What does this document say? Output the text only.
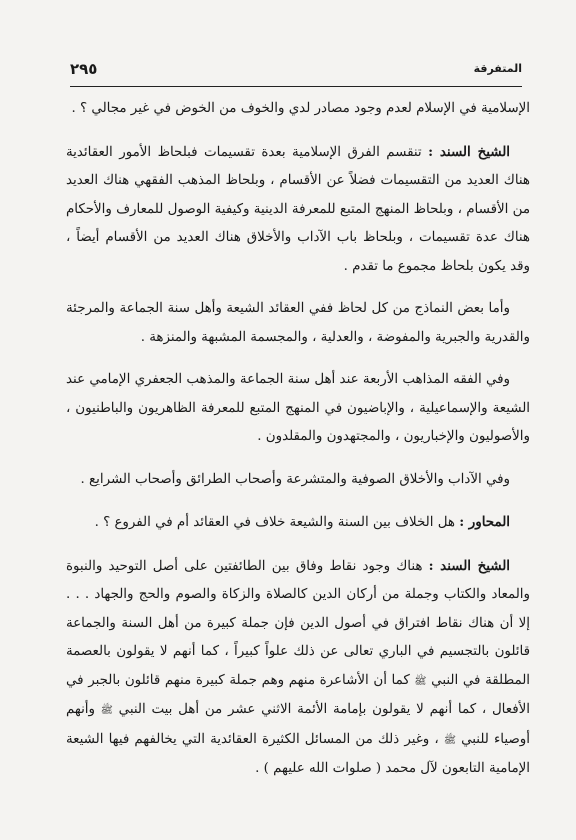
المتفرقة
٢٩٥

الإسلامية في الإسلام لعدم وجود مصادر لدي والخوف من الخوض في غير مجالي ؟ .

الشيخ السند : تنقسم الفرق الإسلامية بعدة تقسيمات فبلحاظ الأمور العقائدية هناك العديد من التقسيمات فضلاً عن الأقسام ، وبلحاظ المذهب الفقهي هناك العديد من الأقسام ، وبلحاظ المنهج المتبع للمعرفة الدينية وكيفية الوصول للمعارف والأحكام هناك عدة تقسيمات ، وبلحاظ باب الآداب والأخلاق هناك العديد من الأقسام أيضاً ، وقد يكون بلحاظ مجموع ما تقدم .

وأما بعض النماذج من كل لحاظ ففي العقائد الشيعة وأهل سنة الجماعة والمرجئة والقدرية والجبرية والمفوضة ، والعدلية ، والمجسمة المشبهة والمنزهة .

وفي الفقه المذاهب الأربعة عند أهل سنة الجماعة والمذهب الجعفري الإمامي عند الشيعة والإسماعيلية ، والإباضيون في المنهج المتبع للمعرفة الظاهريون والباطنيون ، والأصوليون والإخباريون ، والمجتهدون والمقلدون .

وفي الآداب والأخلاق الصوفية والمتشرعة وأصحاب الطرائق وأصحاب الشرايع .

المحاور : هل الخلاف بين السنة والشيعة خلاف في العقائد أم في الفروع ؟ .

الشيخ السند : هناك وجود نقاط وفاق بين الطائفتين على أصل التوحيد والنبوة والمعاد والكتاب وجملة من أركان الدين كالصلاة والزكاة والصوم والحج والجهاد . . . إلا أن هناك نقاط افتراق في أصول الدين فإن جملة كبيرة من أهل السنة والجماعة قائلون بالتجسيم في الباري تعالى عن ذلك علواً كبيراً ، كما أنهم لا يقولون بالعصمة المطلقة في النبي ﷺ كما أن الأشاعرة منهم وهم جملة كبيرة منهم قائلون بالجبر في الأفعال ، كما أنهم لا يقولون بإمامة الأئمة الاثني عشر من أهل بيت النبي ﷺ وأنهم أوصياء للنبي ﷺ ، وغير ذلك من المسائل الكثيرة العقائدية التي يخالفهم فيها الشيعة الإمامية التابعون لآل محمد ( صلوات الله عليهم ) .
